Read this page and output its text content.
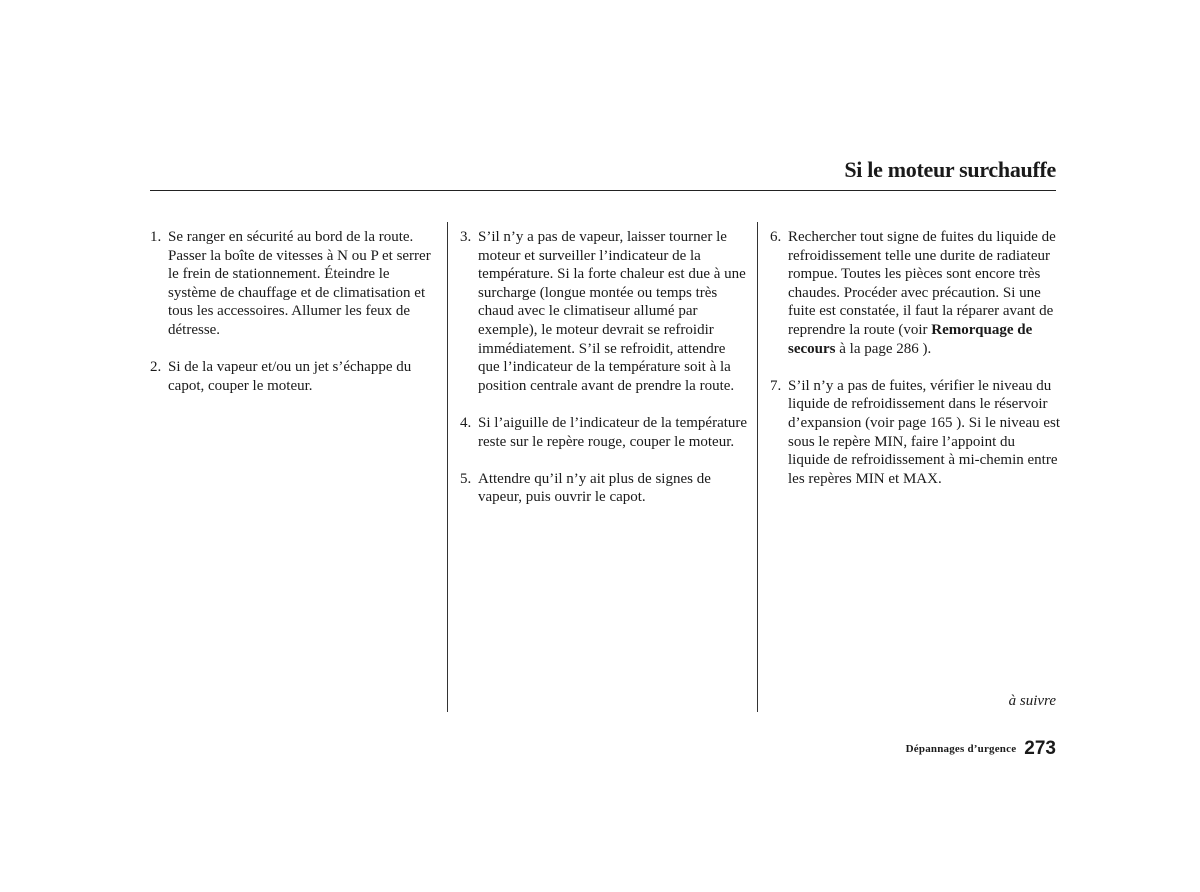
Si le moteur surchauffe
1. Se ranger en sécurité au bord de la route. Passer la boîte de vitesses à N ou P et serrer le frein de stationnement. Éteindre le système de chauffage et de climatisation et tous les accessoires. Allumer les feux de détresse.
2. Si de la vapeur et/ou un jet s’échappe du capot, couper le moteur.
3. S’il n’y a pas de vapeur, laisser tourner le moteur et surveiller l’indicateur de la température. Si la forte chaleur est due à une surcharge (longue montée ou temps très chaud avec le climatiseur allumé par exemple), le moteur devrait se refroidir immédiatement. S’il se refroidit, attendre que l’indicateur de la température soit à la position centrale avant de prendre la route.
4. Si l’aiguille de l’indicateur de la température reste sur le repère rouge, couper le moteur.
5. Attendre qu’il n’y ait plus de signes de vapeur, puis ouvrir le capot.
6. Rechercher tout signe de fuites du liquide de refroidissement telle une durite de radiateur rompue. Toutes les pièces sont encore très chaudes. Procéder avec précaution. Si une fuite est constatée, il faut la réparer avant de reprendre la route (voir Remorquage de secours à la page 286 ).
7. S’il n’y a pas de fuites, vérifier le niveau du liquide de refroidissement dans le réservoir d’expansion (voir page 165 ). Si le niveau est sous le repère MIN, faire l’appoint du liquide de refroidissement à mi-chemin entre les repères MIN et MAX.
à suivre
Dépannages d’urgence 273
